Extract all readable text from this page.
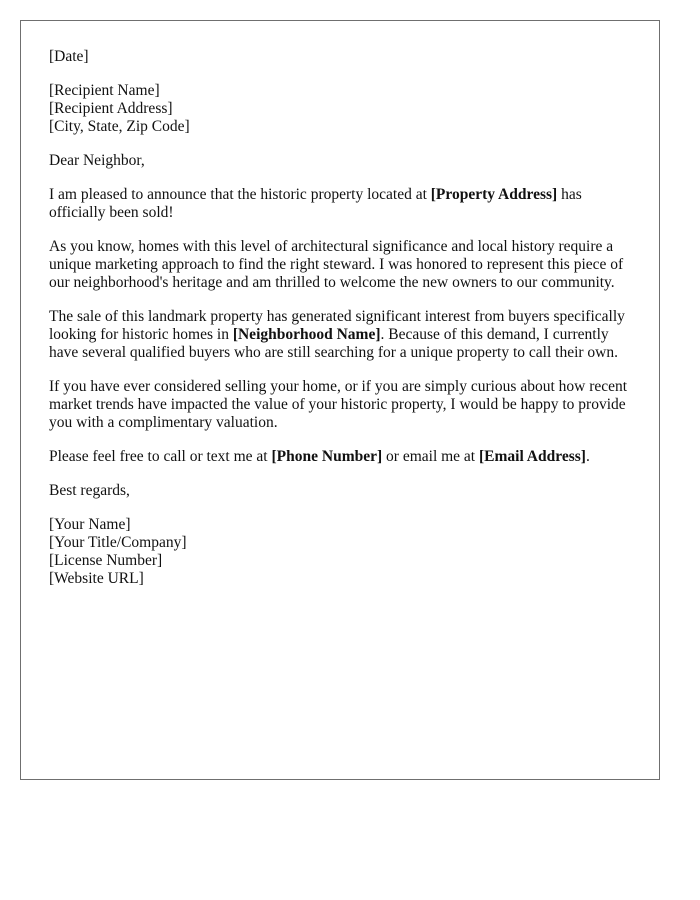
[Date]
[Recipient Name]
[Recipient Address]
[City, State, Zip Code]

Dear Neighbor,

I am pleased to announce that the historic property located at [Property Address] has officially been sold!

As you know, homes with this level of architectural significance and local history require a unique marketing approach to find the right steward. I was honored to represent this piece of our neighborhood's heritage and am thrilled to welcome the new owners to our community.

The sale of this landmark property has generated significant interest from buyers specifically looking for historic homes in [Neighborhood Name]. Because of this demand, I currently have several qualified buyers who are still searching for a unique property to call their own.

If you have ever considered selling your home, or if you are simply curious about how recent market trends have impacted the value of your historic property, I would be happy to provide you with a complimentary valuation.

Please feel free to call or text me at [Phone Number] or email me at [Email Address].

Best regards,

[Your Name]
[Your Title/Company]
[License Number]
[Website URL]
